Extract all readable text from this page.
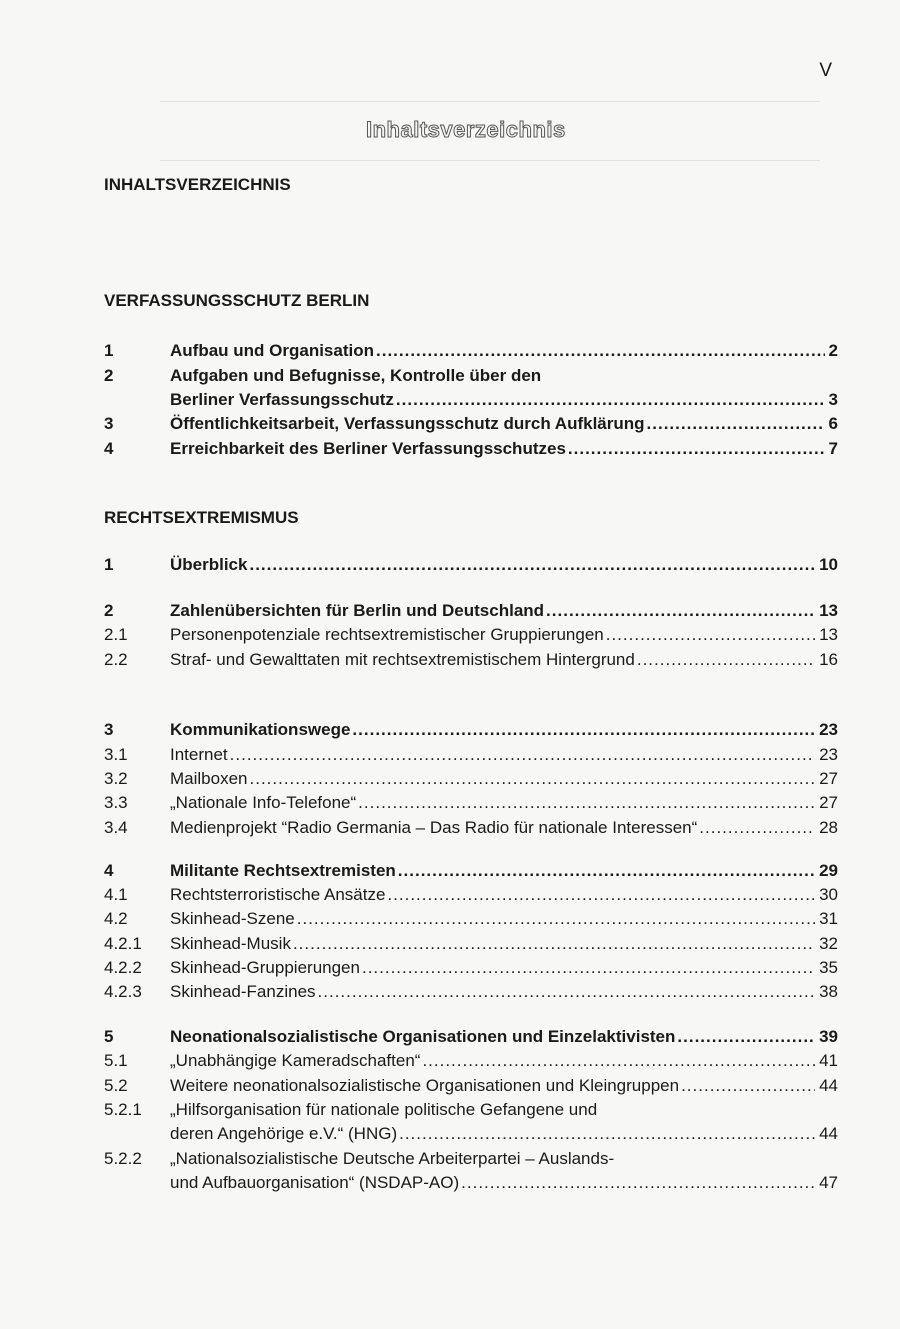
V
Inhaltsverzeichnis
INHALTSVERZEICHNIS
VERFASSUNGSSCHUTZ BERLIN
1	Aufbau und Organisation .....	2
2	Aufgaben und Befugnisse, Kontrolle über den
Berliner Verfassungsschutz .....	3
3	Öffentlichkeitsarbeit, Verfassungsschutz durch Aufklärung .....	6
4	Erreichbarkeit des Berliner Verfassungsschutzes .....	7
RECHTSEXTREMISMUS
1	Überblick .....	10
2	Zahlenübersichten für Berlin und Deutschland .....	13
2.1 Personenpotenziale rechtsextremistischer Gruppierungen .....	13
2.2 Straf- und Gewalttaten mit rechtsextremistischem Hintergrund .....	16
3	Kommunikationswege .....	23
3.1 Internet .....	23
3.2 Mailboxen .....	27
3.3 „Nationale Info-Telefone“ .....	27
3.4 Medienprojekt “Radio Germania – Das Radio für nationale Interessen“ .....	28
4	Militante Rechtsextremisten .....	29
4.1 Rechtsterroristische Ansätze .....	30
4.2 Skinhead-Szene .....	31
4.2.1 Skinhead-Musik .....	32
4.2.2 Skinhead-Gruppierungen .....	35
4.2.3 Skinhead-Fanzines .....	38
5	Neonationalsozialistische Organisationen und Einzelaktivisten .....	39
5.1 „Unabhängige Kameradschaften“ .....	41
5.2 Weitere neonationalsozialistische Organisationen und Kleingruppen .....	44
5.2.1 „Hilfsorganisation für nationale politische Gefangene und
deren Angehörige e.V.“ (HNG) .....	44
5.2.2 „Nationalsozialistische Deutsche Arbeiterpartei – Auslands-
und Aufbauorganisation“ (NSDAP-AO) .....	47
